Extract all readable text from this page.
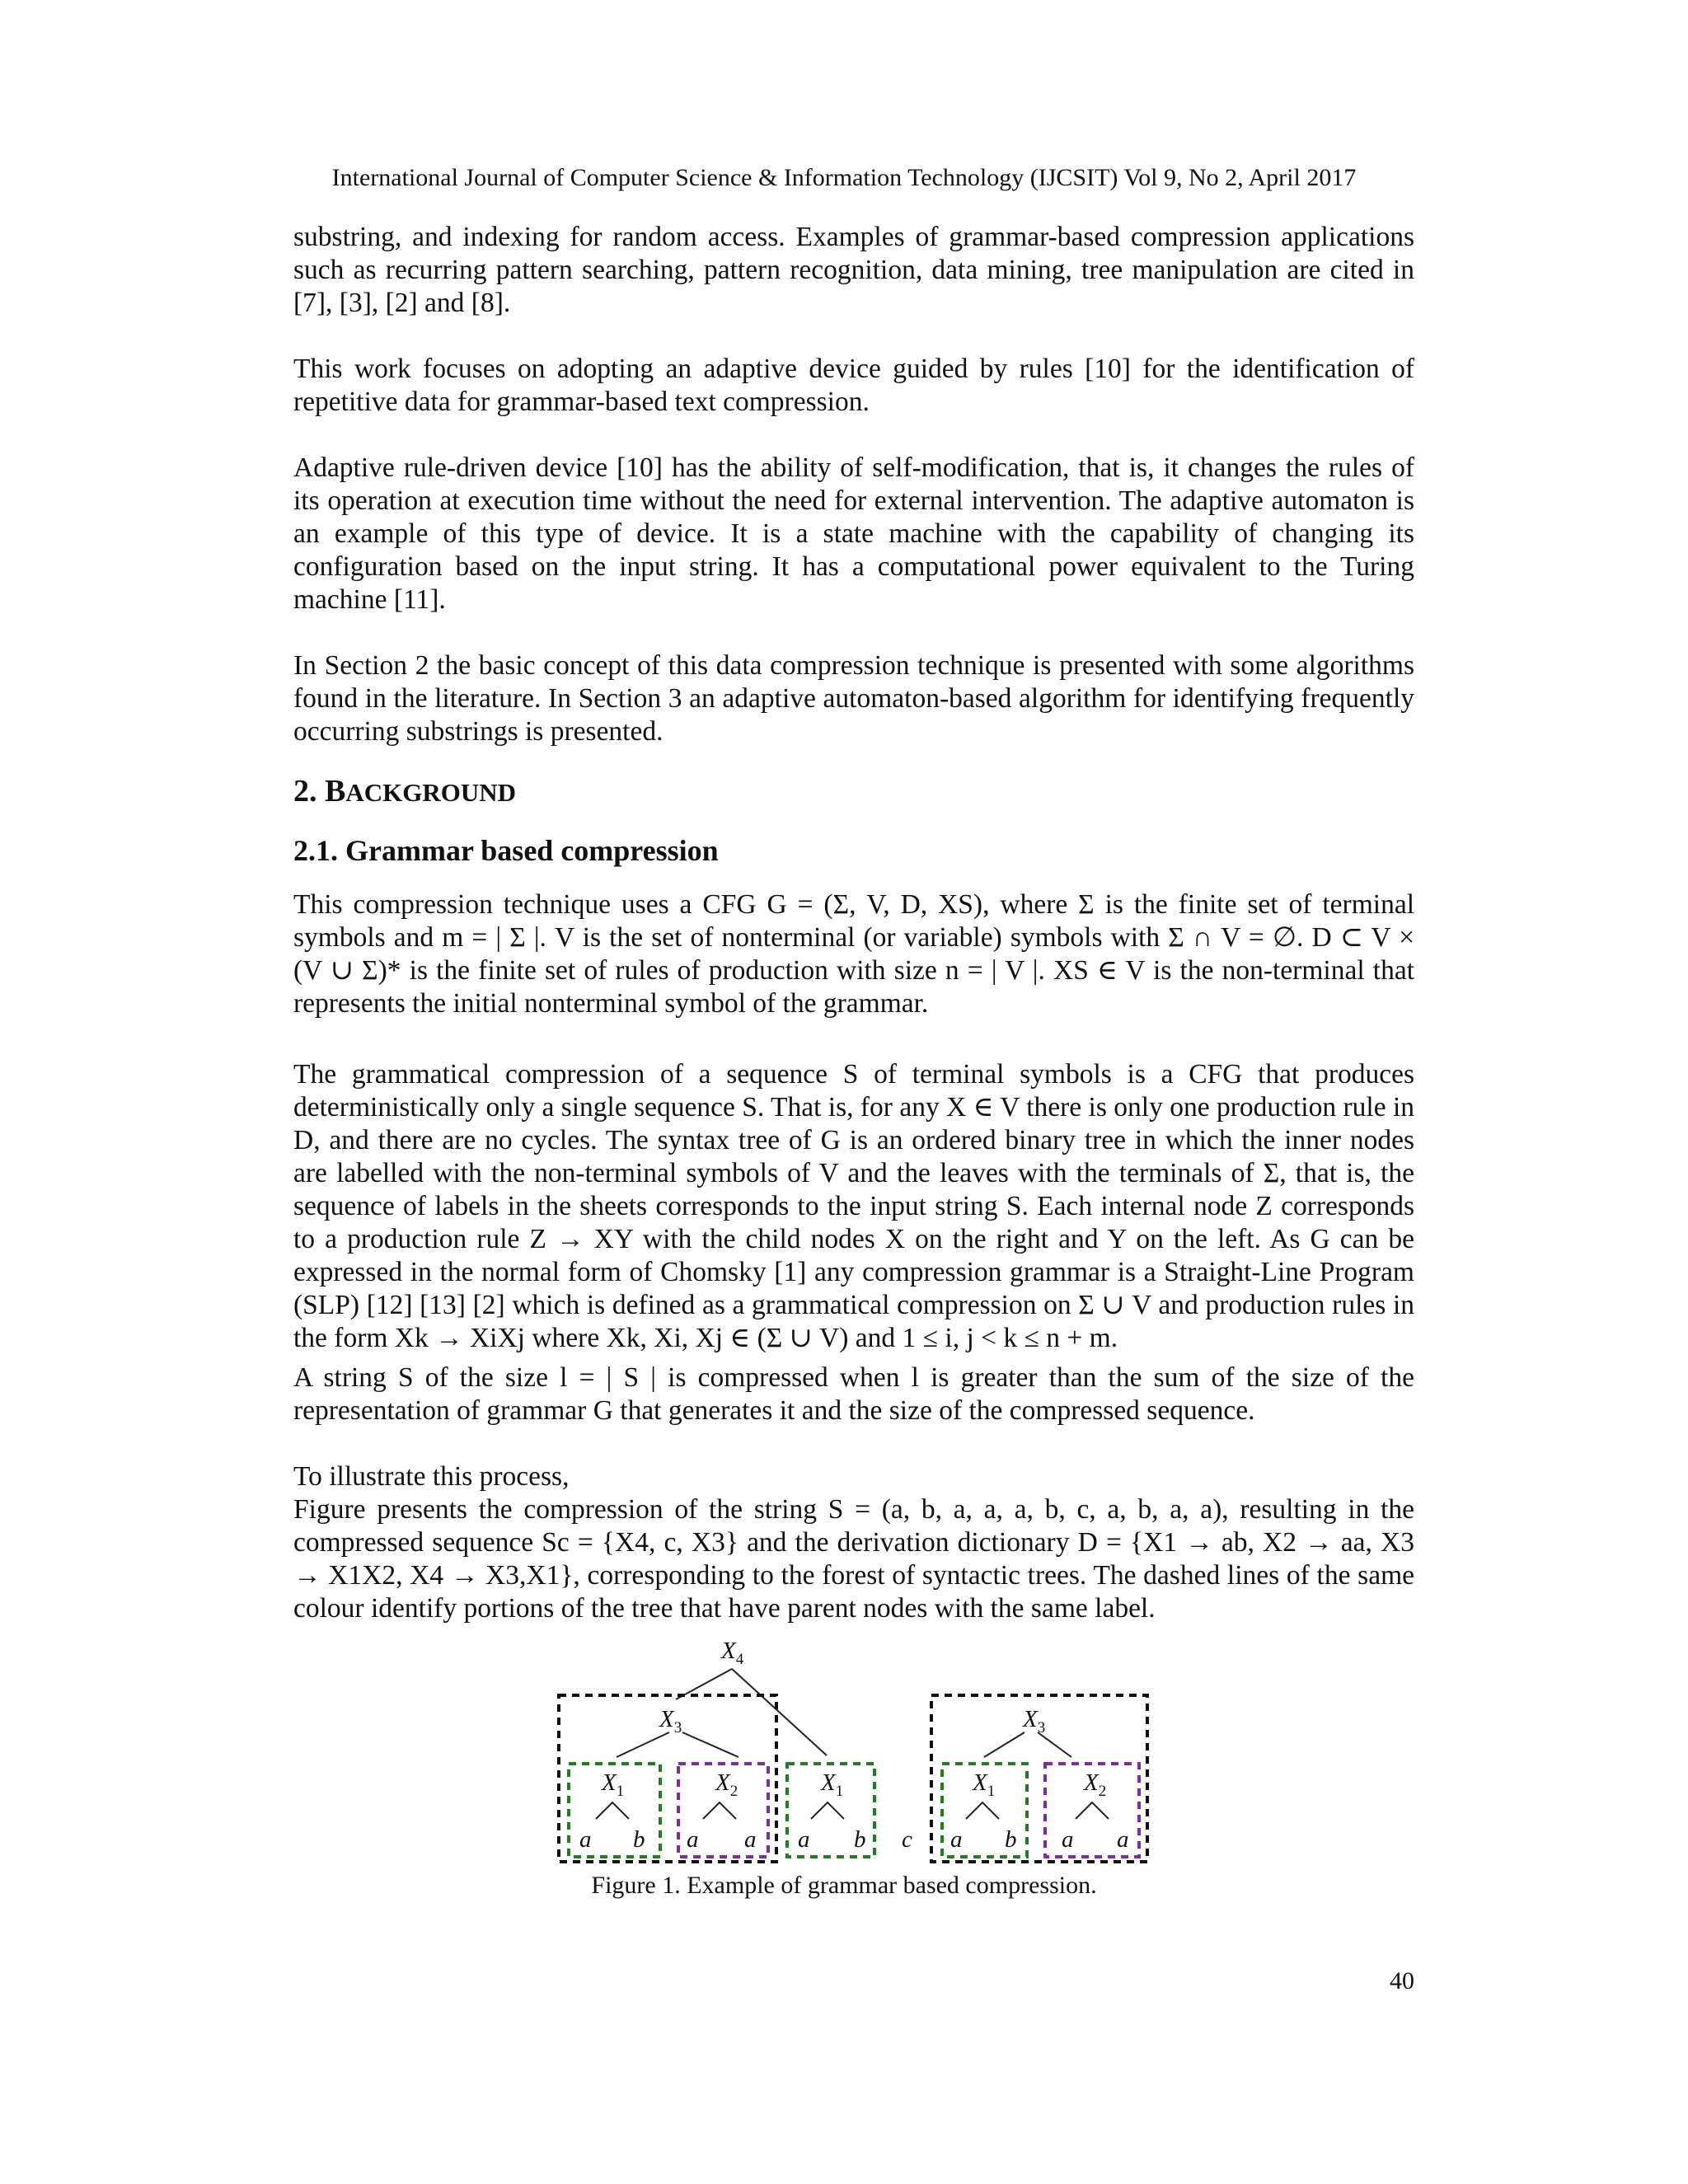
International Journal of Computer Science & Information Technology (IJCSIT) Vol 9, No 2, April 2017

substring, and indexing for random access. Examples of grammar-based compression applications such as recurring pattern searching, pattern recognition, data mining, tree manipulation are cited in [7], [3], [2] and [8].

This work focuses on adopting an adaptive device guided by rules [10] for the identification of repetitive data for grammar-based text compression.

Adaptive rule-driven device [10] has the ability of self-modification, that is, it changes the rules of its operation at execution time without the need for external intervention. The adaptive automaton is an example of this type of device. It is a state machine with the capability of changing its configuration based on the input string. It has a computational power equivalent to the Turing machine [11].

In Section 2 the basic concept of this data compression technique is presented with some algorithms found in the literature. In Section 3 an adaptive automaton-based algorithm for identifying frequently occurring substrings is presented.

2. BACKGROUND

2.1. Grammar based compression

This compression technique uses a CFG G = (Σ, V, D, XS), where Σ is the finite set of terminal symbols and m = | Σ |. V is the set of nonterminal (or variable) symbols with Σ ∩ V = ∅. D ⊂ V × (V ∪ Σ)* is the finite set of rules of production with size n = | V |. XS ∈ V is the non-terminal that represents the initial nonterminal symbol of the grammar.

The grammatical compression of a sequence S of terminal symbols is a CFG that produces deterministically only a single sequence S. That is, for any X ∈ V there is only one production rule in D, and there are no cycles. The syntax tree of G is an ordered binary tree in which the inner nodes are labelled with the non-terminal symbols of V and the leaves with the terminals of Σ, that is, the sequence of labels in the sheets corresponds to the input string S. Each internal node Z corresponds to a production rule Z → XY with the child nodes X on the right and Y on the left. As G can be expressed in the normal form of Chomsky [1] any compression grammar is a Straight-Line Program (SLP) [12] [13] [2] which is defined as a grammatical compression on Σ ∪ V and production rules in the form Xk → XiXj where Xk, Xi, Xj ∈ (Σ ∪ V) and 1 ≤ i, j < k ≤ n + m.

A string S of the size l = | S | is compressed when l is greater than the sum of the size of the representation of grammar G that generates it and the size of the compressed sequence.

To illustrate this process,

Figure presents the compression of the string S = (a, b, a, a, a, b, c, a, b, a, a), resulting in the compressed sequence Sc = {X4, c, X3} and the derivation dictionary D = {X1 → ab, X2 → aa, X3 → X1X2, X4 → X3,X1}, corresponding to the forest of syntactic trees. The dashed lines of the same colour identify portions of the tree that have parent nodes with the same label.

$X_4$
$X_3$	$X_3$
$X_1$	$X_2$	$X_1$	$X_1$	$X_2$
a b a a a b c a b a a
Figure 1. Example of grammar based compression.
40
